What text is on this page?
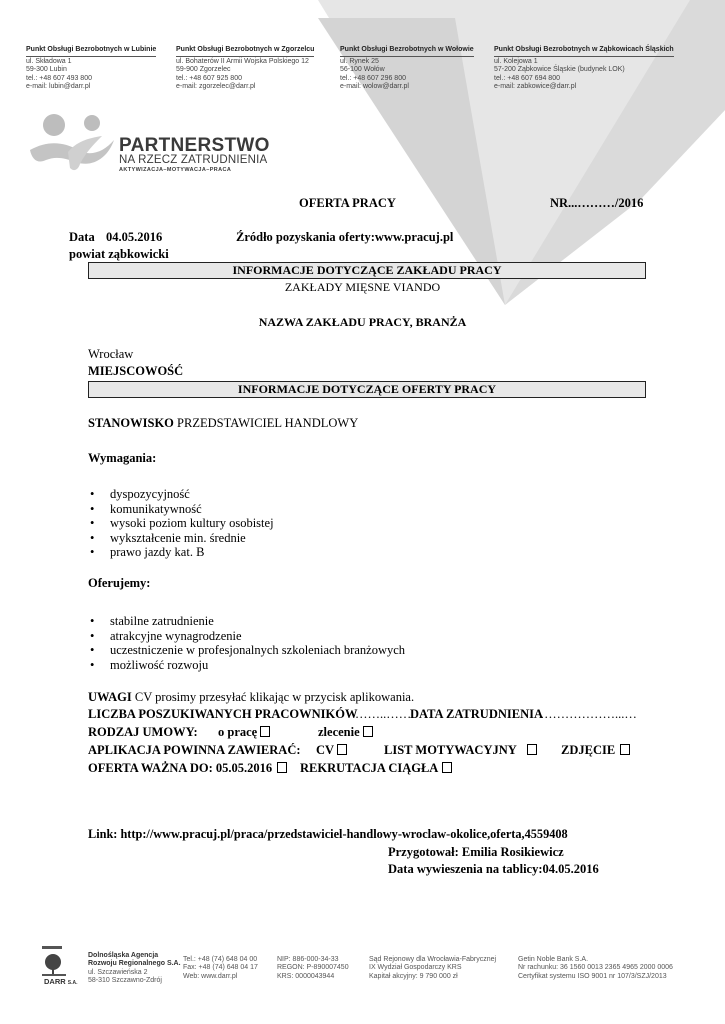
Punkt Obsługi Bezrobotnych w Lubinie
ul. Składowa 1
59-300 Lubin
tel.: +48 607 493 800
e-mail: lubin@darr.pl
Punkt Obsługi Bezrobotnych w Zgorzelcu
ul. Bohaterów II Armii Wojska Polskiego 12
59-900 Zgorzelec
tel.: +48 607 925 800
e-mail: zgorzelec@darr.pl
Punkt Obsługi Bezrobotnych w Wołowie
ul. Rynek 25
56-100 Wołów
tel.: +48 607 296 800
e-mail: wolow@darr.pl
Punkt Obsługi Bezrobotnych w Ząbkowicach Śląskich
ul. Kolejowa 1
57-200 Ząbkowice Śląskie (budynek LOK)
tel.: +48 607 694 800
e-mail: zabkowice@darr.pl
PARTNERSTWO
NA RZECZ ZATRUDNIENIA
AKTYWIZACJA–MOTYWACJA–PRACA
OFERTA PRACY	NR...………/2016
Data 04.05.2016	Źródło pozyskania oferty:www.pracuj.pl
powiat ząbkowicki
INFORMACJE DOTYCZĄCE ZAKŁADU PRACY
ZAKŁADY MIĘSNE VIANDO
NAZWA ZAKŁADU PRACY, BRANŻA
Wrocław
MIEJSCOWOŚĆ
INFORMACJE DOTYCZĄCE OFERTY PRACY
STANOWISKO PRZEDSTAWICIEL HANDLOWY
Wymagania:
• dyspozycyjność
• komunikatywność
• wysoki poziom kultury osobistej
• wykształcenie min. średnie
• prawo jazdy kat. B
Oferujemy:
• stabilne zatrudnienie
• atrakcyjne wynagrodzenie
• uczestniczenie w profesjonalnych szkoleniach branżowych
• możliwość rozwoju
UWAGI CV prosimy przesyłać klikając w przycisk aplikowania.
LICZBA POSZUKIWANYCH PRACOWNIKÓW
……..……
DATA ZATRUDNIENIA
………………...…
RODZAJ UMOWY: o pracę	zlecenie
APLIKACJA POWINNA ZAWIERAĆ: CV	LIST MOTYWACYJNY	ZDJĘCIE
OFERTA WAŻNA DO: 05.05.2016	REKRUTACJA CIĄGŁA
Link: http://www.pracuj.pl/praca/przedstawiciel-handlowy-wroclaw-okolice,oferta,4559408
Przygotował: Emilia Rosikiewicz
Data wywieszenia na tablicy:04.05.2016
DARR S.A.
Dolnośląska Agencja
Rozwoju Regionalnego S.A.
ul. Szczawieńska 2
58-310 Szczawno-Zdrój
Tel.: +48 (74) 648 04 00
Fax: +48 (74) 648 04 17
Web: www.darr.pl
NIP: 886-000-34-33
REGON: P-890007450
KRS: 0000043944
Sąd Rejonowy dla Wrocławia-Fabrycznej
IX Wydział Gospodarczy KRS
Kapitał akcyjny: 9 790 000 zł
Getin Noble Bank S.A.
Nr rachunku: 36 1560 0013 2365 4965 2000 0006
Certyfikat systemu ISO 9001 nr 107/3/SZJ/2013
